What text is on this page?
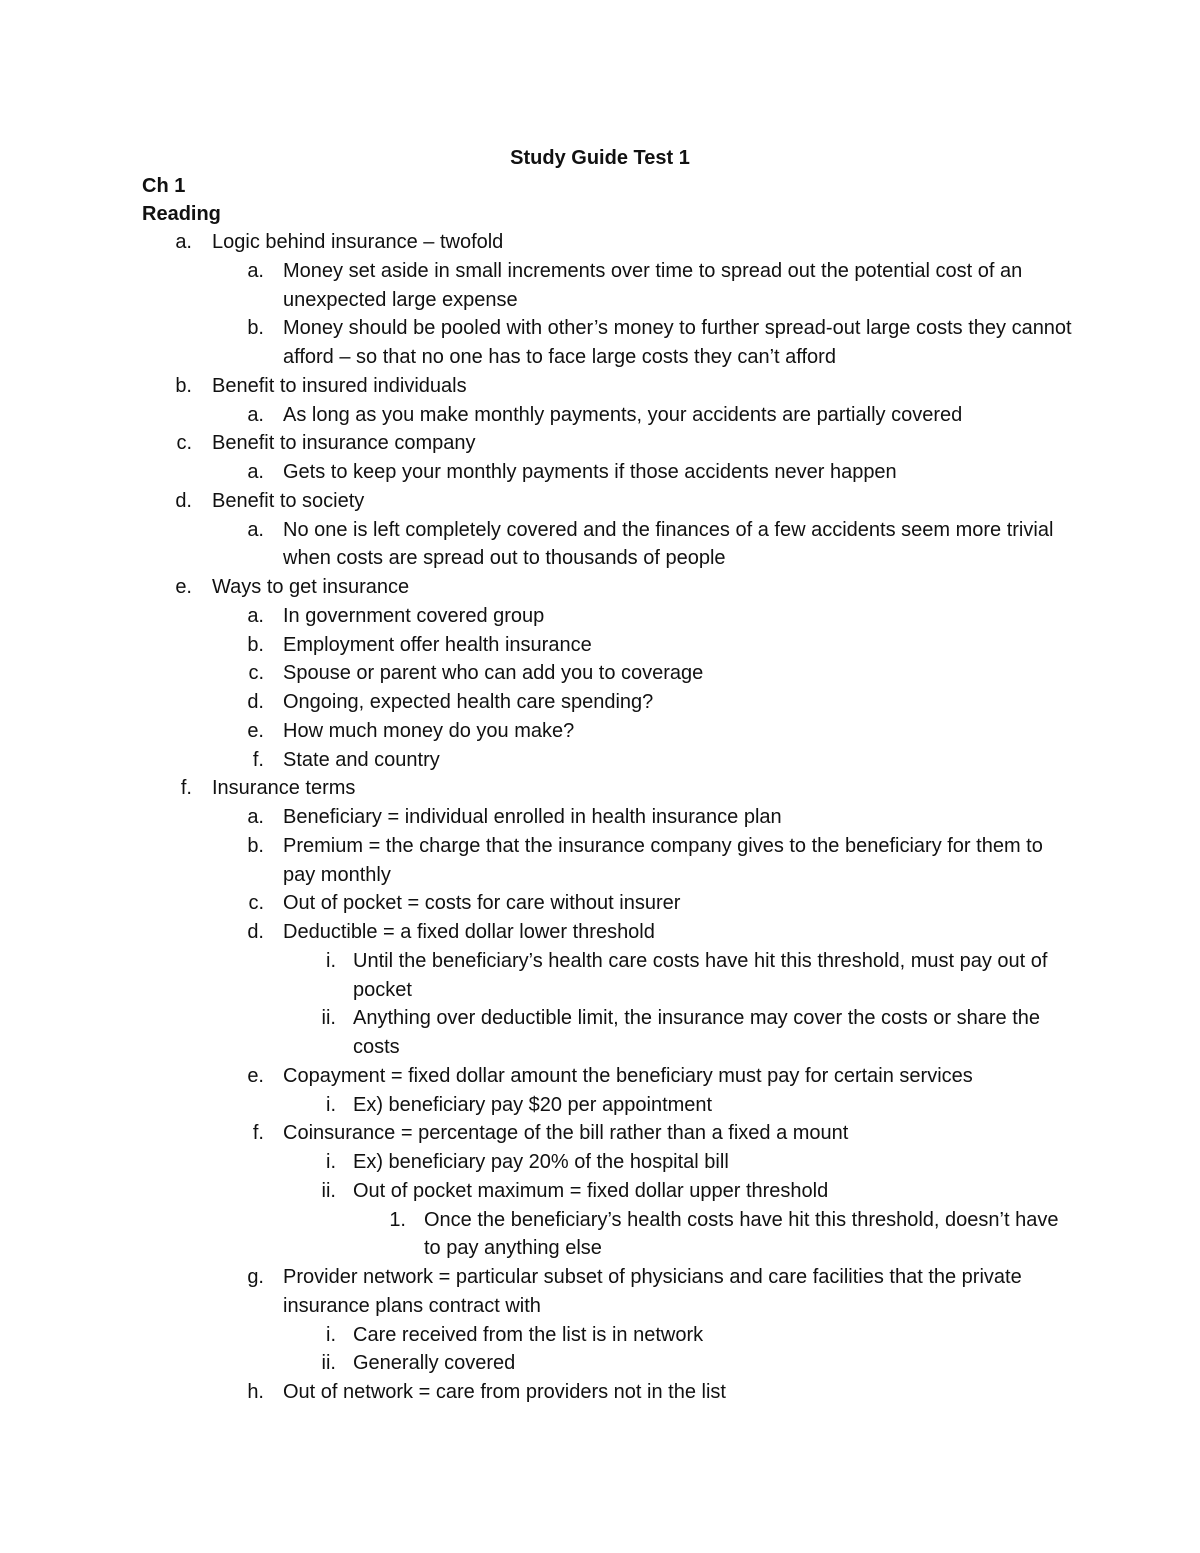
Study Guide Test 1
Ch 1
Reading
a. Logic behind insurance – twofold
a. Money set aside in small increments over time to spread out the potential cost of an unexpected large expense
b. Money should be pooled with other’s money to further spread-out large costs they cannot afford – so that no one has to face large costs they can’t afford
b. Benefit to insured individuals
a. As long as you make monthly payments, your accidents are partially covered
c. Benefit to insurance company
a. Gets to keep your monthly payments if those accidents never happen
d. Benefit to society
a. No one is left completely covered and the finances of a few accidents seem more trivial when costs are spread out to thousands of people
e. Ways to get insurance
a. In government covered group
b. Employment offer health insurance
c. Spouse or parent who can add you to coverage
d. Ongoing, expected health care spending?
e. How much money do you make?
f. State and country
f. Insurance terms
a. Beneficiary = individual enrolled in health insurance plan
b. Premium = the charge that the insurance company gives to the beneficiary for them to pay monthly
c. Out of pocket = costs for care without insurer
d. Deductible = a fixed dollar lower threshold
i. Until the beneficiary’s health care costs have hit this threshold, must pay out of pocket
ii. Anything over deductible limit, the insurance may cover the costs or share the costs
e. Copayment = fixed dollar amount the beneficiary must pay for certain services
i. Ex) beneficiary pay $20 per appointment
f. Coinsurance = percentage of the bill rather than a fixed a mount
i. Ex) beneficiary pay 20% of the hospital bill
ii. Out of pocket maximum = fixed dollar upper threshold
1. Once the beneficiary’s health costs have hit this threshold, doesn’t have to pay anything else
g. Provider network = particular subset of physicians and care facilities that the private insurance plans contract with
i. Care received from the list is in network
ii. Generally covered
h. Out of network = care from providers not in the list
